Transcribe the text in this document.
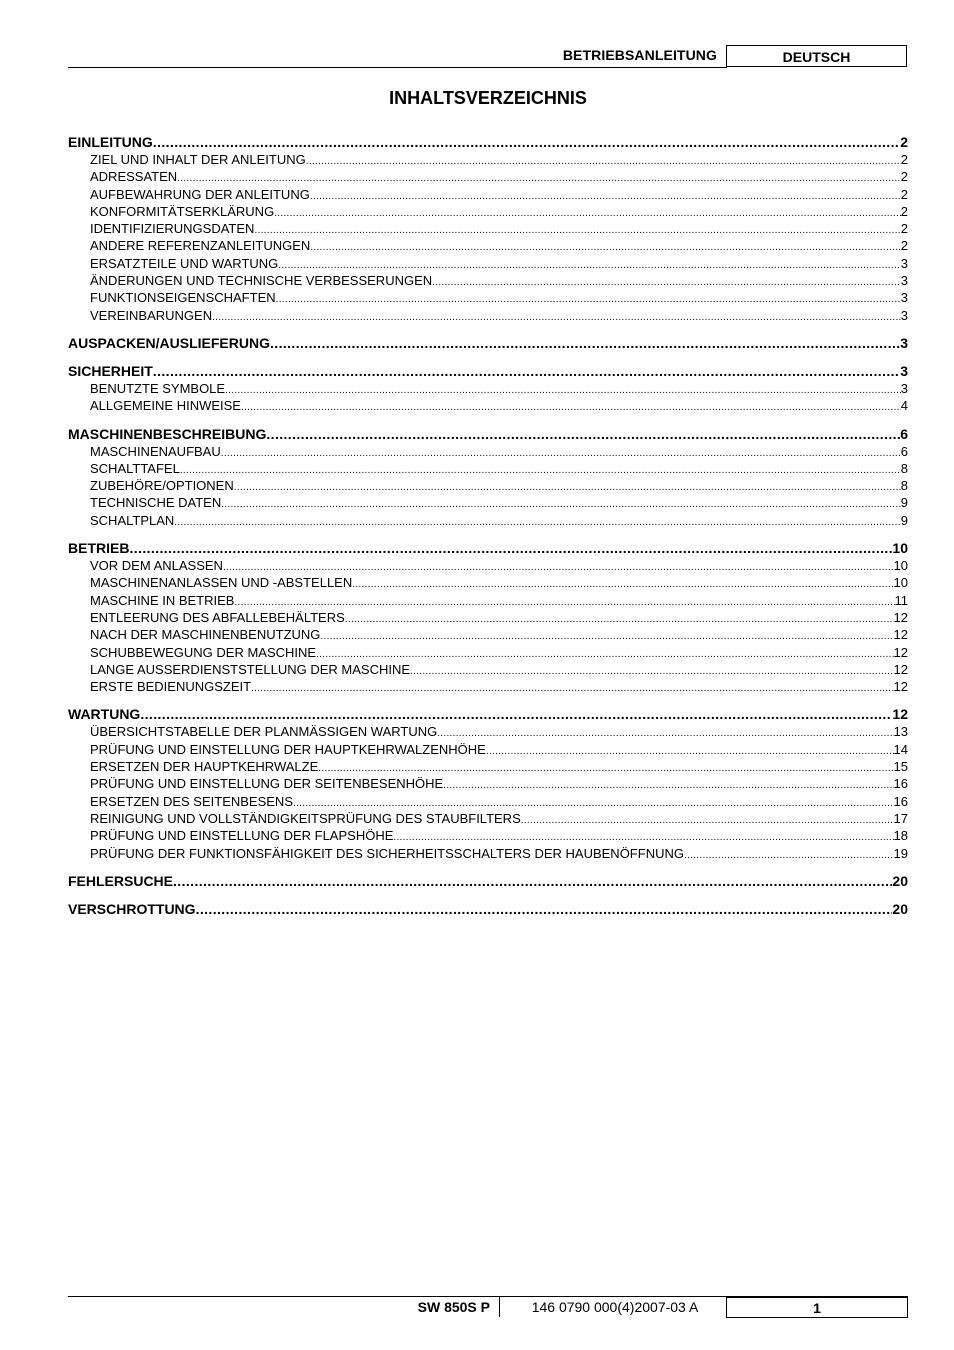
BETRIEBSANLEITUNG	DEUTSCH
INHALTSVERZEICHNIS
EINLEITUNG .....	2
ZIEL UND INHALT DER ANLEITUNG .....	2
ADRESSATEN .....	2
AUFBEWAHRUNG DER ANLEITUNG .....	2
KONFORMITÄTSERKLÄRUNG .....	2
IDENTIFIZIERUNGSDATEN .....	2
ANDERE REFERENZANLEITUNGEN .....	2
ERSATZTEILE UND WARTUNG .....	3
ÄNDERUNGEN UND TECHNISCHE VERBESSERUNGEN .....	3
FUNKTIONSEIGENSCHAFTEN .....	3
VEREINBARUNGEN .....	3
AUSPACKEN/AUSLIEFERUNG .....	3
SICHERHEIT .....	3
BENUTZTE SYMBOLE .....	3
ALLGEMEINE HINWEISE .....	4
MASCHINENBESCHREIBUNG .....	6
MASCHINENAUFBAU .....	6
SCHALTTAFEL .....	8
ZUBEHÖRE/OPTIONEN .....	8
TECHNISCHE DATEN .....	9
SCHALTPLAN .....	9
BETRIEB .....	10
VOR DEM ANLASSEN .....	10
MASCHINENANLASSEN UND -ABSTELLEN .....	10
MASCHINE IN BETRIEB .....	11
ENTLEERUNG DES ABFALLEBEHÄLTERS .....	12
NACH DER MASCHINENBENUTZUNG .....	12
SCHUBBEWEGUNG DER MASCHINE .....	12
LANGE AUSSERDIENSTSTELLUNG DER MASCHINE .....	12
ERSTE BEDIENUNGSZEIT .....	12
WARTUNG .....	12
ÜBERSICHTSTABELLE DER PLANMÄSSIGEN WARTUNG .....	13
PRÜFUNG UND EINSTELLUNG DER HAUPTKEHRWALZENHÖHE .....	14
ERSETZEN DER HAUPTKEHRWALZE .....	15
PRÜFUNG UND EINSTELLUNG DER SEITENBESENHÖHE .....	16
ERSETZEN DES SEITENBESENS .....	16
REINIGUNG UND VOLLSTÄNDIGKEITSPRÜFUNG DES STAUBFILTERS .....	17
PRÜFUNG UND EINSTELLUNG DER FLAPSHÖHE .....	18
PRÜFUNG DER FUNKTIONSFÄHIGKEIT DES SICHERHEITSSCHALTERS DER HAUBENÖFFNUNG .....	19
FEHLERSUCHE .....	20
VERSCHROTTUNG .....	20
SW 850S P	146 0790 000(4)2007-03 A	1
